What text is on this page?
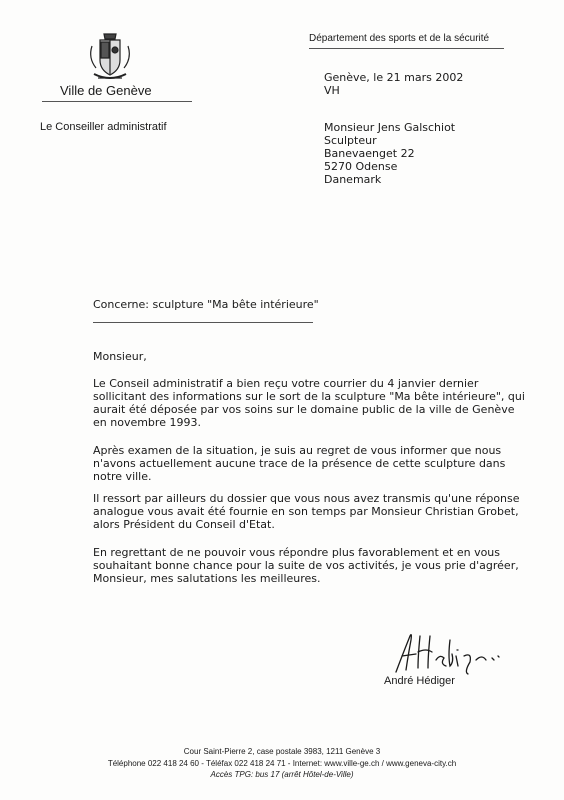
Département des sports et de la sécurité
Ville de Genève
Le Conseiller administratif
Genève, le 21 mars 2002
VH
Monsieur Jens Galschiot
Sculpteur
Banevaenget 22
5270 Odense
Danemark
Concerne: sculpture "Ma bête intérieure"
Monsieur,
Le Conseil administratif a bien reçu votre courrier du 4 janvier dernier
sollicitant des informations sur le sort de la sculpture "Ma bête intérieure", qui
aurait été déposée par vos soins sur le domaine public de la ville de Genève
en novembre 1993.
Après examen de la situation, je suis au regret de vous informer que nous
n'avons actuellement aucune trace de la présence de cette sculpture dans
notre ville.
Il ressort par ailleurs du dossier que vous nous avez transmis qu'une réponse
analogue vous avait été fournie en son temps par Monsieur Christian Grobet,
alors Président du Conseil d'Etat.
En regrettant de ne pouvoir vous répondre plus favorablement et en vous
souhaitant bonne chance pour la suite de vos activités, je vous prie d'agréer,
Monsieur, mes salutations les meilleures.
André Hédiger
Cour Saint-Pierre 2, case postale 3983, 1211 Genève 3
Téléphone 022 418 24 60 - Téléfax 022 418 24 71 - Internet: www.ville-ge.ch / www.geneva-city.ch
Accès TPG: bus 17 (arrêt Hôtel-de-Ville)
